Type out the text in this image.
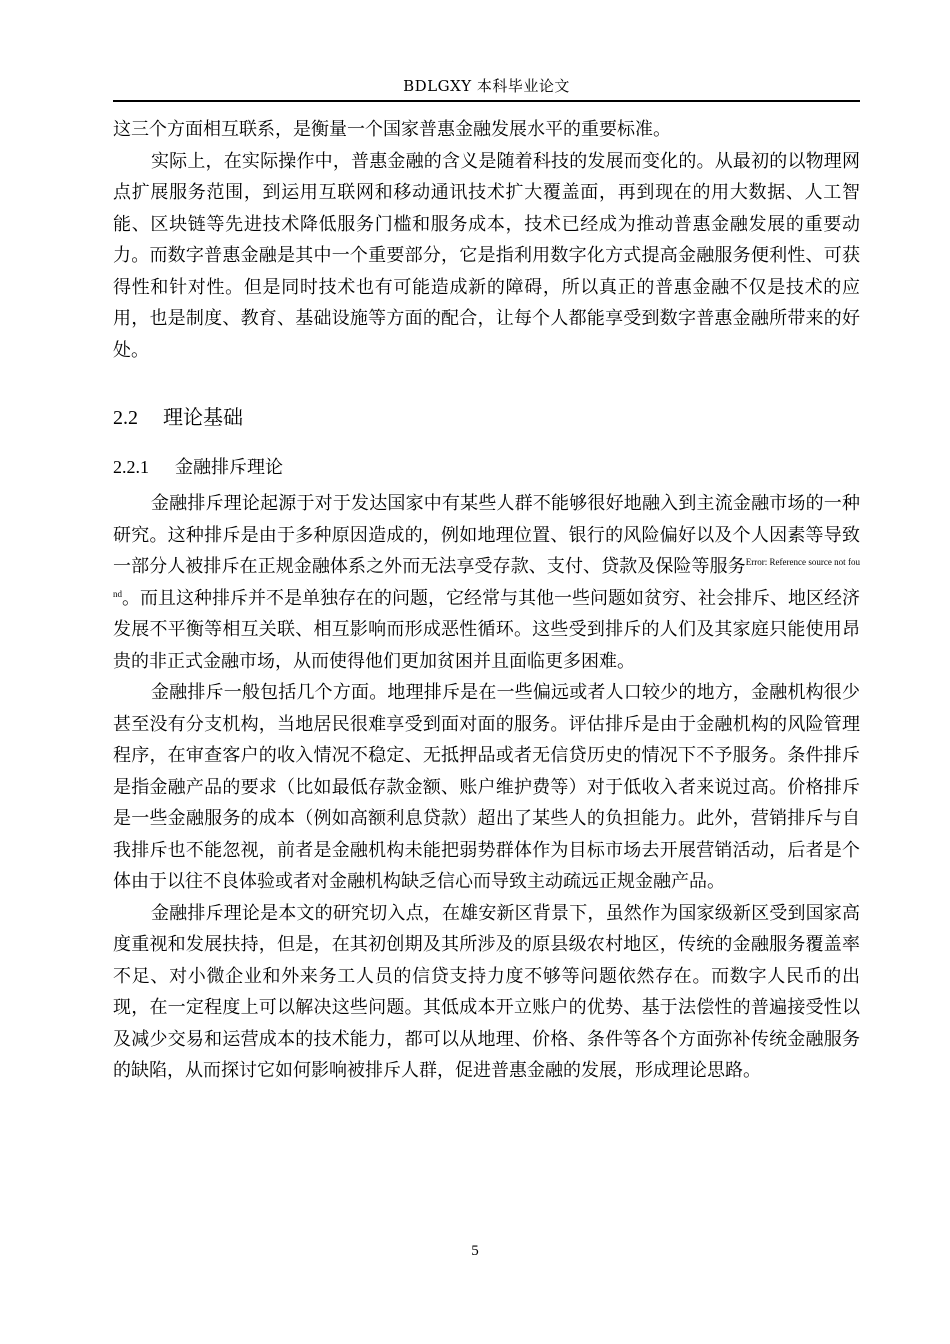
BDLGXY 本科毕业论文

这三个方面相互联系，是衡量一个国家普惠金融发展水平的重要标准。

实际上，在实际操作中，普惠金融的含义是随着科技的发展而变化的。从最初的以物理网点扩展服务范围，到运用互联网和移动通讯技术扩大覆盖面，再到现在的用大数据、人工智能、区块链等先进技术降低服务门槛和服务成本，技术已经成为推动普惠金融发展的重要动力。而数字普惠金融是其中一个重要部分，它是指利用数字化方式提高金融服务便利性、可获得性和针对性。但是同时技术也有可能造成新的障碍，所以真正的普惠金融不仅是技术的应用，也是制度、教育、基础设施等方面的配合，让每个人都能享受到数字普惠金融所带来的好处。

2.2 理论基础
2.2.1 金融排斥理论

金融排斥理论起源于对于发达国家中有某些人群不能够很好地融入到主流金融市场的一种研究。这种排斥是由于多种原因造成的，例如地理位置、银行的风险偏好以及个人因素等导致一部分人被排斥在正规金融体系之外而无法享受存款、支付、贷款及保险等服务$^{Error: Reference source not found}$。而且这种排斥并不是单独存在的问题，它经常与其他一些问题如贫穷、社会排斥、地区经济发展不平衡等相互关联、相互影响而形成恶性循环。这些受到排斥的人们及其家庭只能使用昂贵的非正式金融市场，从而使得他们更加贫困并且面临更多困难。

金融排斥一般包括几个方面。地理排斥是在一些偏远或者人口较少的地方，金融机构很少甚至没有分支机构，当地居民很难享受到面对面的服务。评估排斥是由于金融机构的风险管理程序，在审查客户的收入情况不稳定、无抵押品或者无信贷历史的情况下不予服务。条件排斥是指金融产品的要求（比如最低存款金额、账户维护费等）对于低收入者来说过高。价格排斥是一些金融服务的成本（例如高额利息贷款）超出了某些人的负担能力。此外，营销排斥与自我排斥也不能忽视，前者是金融机构未能把弱势群体作为目标市场去开展营销活动，后者是个体由于以往不良体验或者对金融机构缺乏信心而导致主动疏远正规金融产品。

金融排斥理论是本文的研究切入点，在雄安新区背景下，虽然作为国家级新区受到国家高度重视和发展扶持，但是，在其初创期及其所涉及的原县级农村地区，传统的金融服务覆盖率不足、对小微企业和外来务工人员的信贷支持力度不够等问题依然存在。而数字人民币的出现，在一定程度上可以解决这些问题。其低成本开立账户的优势、基于法偿性的普遍接受性以及减少交易和运营成本的技术能力，都可以从地理、价格、条件等各个方面弥补传统金融服务的缺陷，从而探讨它如何影响被排斥人群，促进普惠金融的发展，形成理论思路。

5
